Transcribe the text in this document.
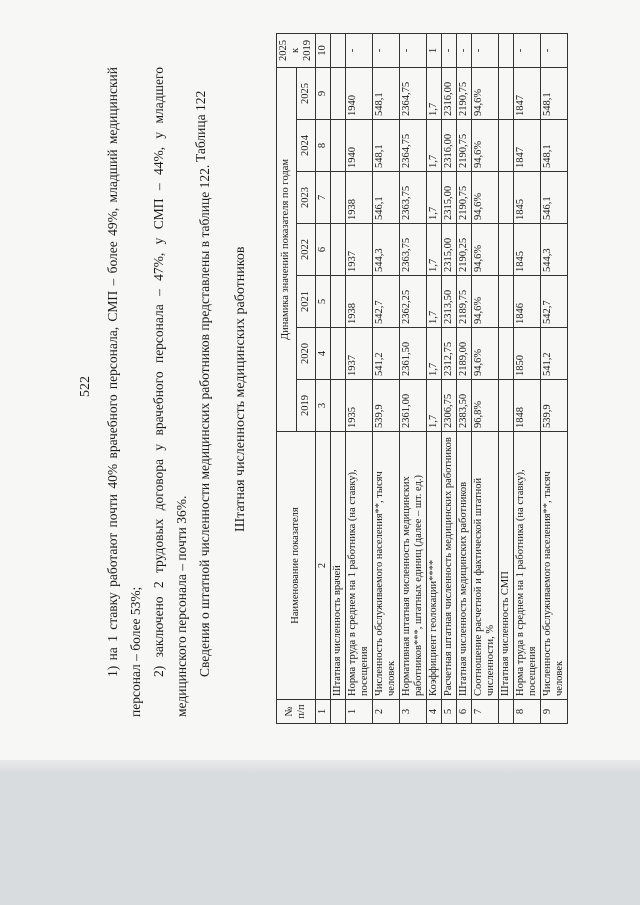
522 1) на 1 ставку работают почти 40% врачебного персонала, СМП – более 49%, младший медицинский персонал – более 53%; 2) заключено 2 трудовых договора у врачебного персонала – 47%, у СМП – 44%, у младшего медицинского персонала – почти 36%. Сведения о штатной численности медицинских работников представлены в таблице 122.

Таблица 122
Штатная численность медицинских работников
№ п/п	Наименование показателя	Динамика значений показателя по годам							2025 к 2019
		2019	2020	2021	2022	2023	2024	2025	
1	2	3	4	5	6	7	8	9	10
	Штатная численность врачей								
1	Норма труда в среднем на 1 работника (на ставку), посещения	1935	1937	1938	1937	1938	1940	1940	-
2	Численность обслуживаемого населения**, тысяч человек	539,9	541,2	542,7	544,3	546,1	548,1	548,1	-
3	Нормативная штатная численность медицинских работников***, штатных единиц (далее – шт. ед.)	2361,00	2361,50	2362,25	2363,75	2363,75	2364,75	2364,75	-
4	Коэффициент геолокации****	1,7	1,7	1,7	1,7	1,7	1,7	1,7	1
5	Расчетная штатная численность медицинских работников	2306,75	2312,75	2313,50	2315,00	2315,00	2316,00	2316,00	-
6	Штатная численность медицинских работников	2383,50	2189,00	2189,75	2190,25	2190,75	2190,75	2190,75	-
7	Соотношение расчетной и фактической штатной численности, %	96,8%	94,6%	94,6%	94,6%	94,6%	94,6%	94,6%	-
	Штатная численность СМП								
8	Норма труда в среднем на 1 работника (на ставку), посещения	1848	1850	1846	1845	1845	1847	1847	-
9	Численность обслуживаемого населения**, тысяч человек	539,9	541,2	542,7	544,3	546,1	548,1	548,1	-
